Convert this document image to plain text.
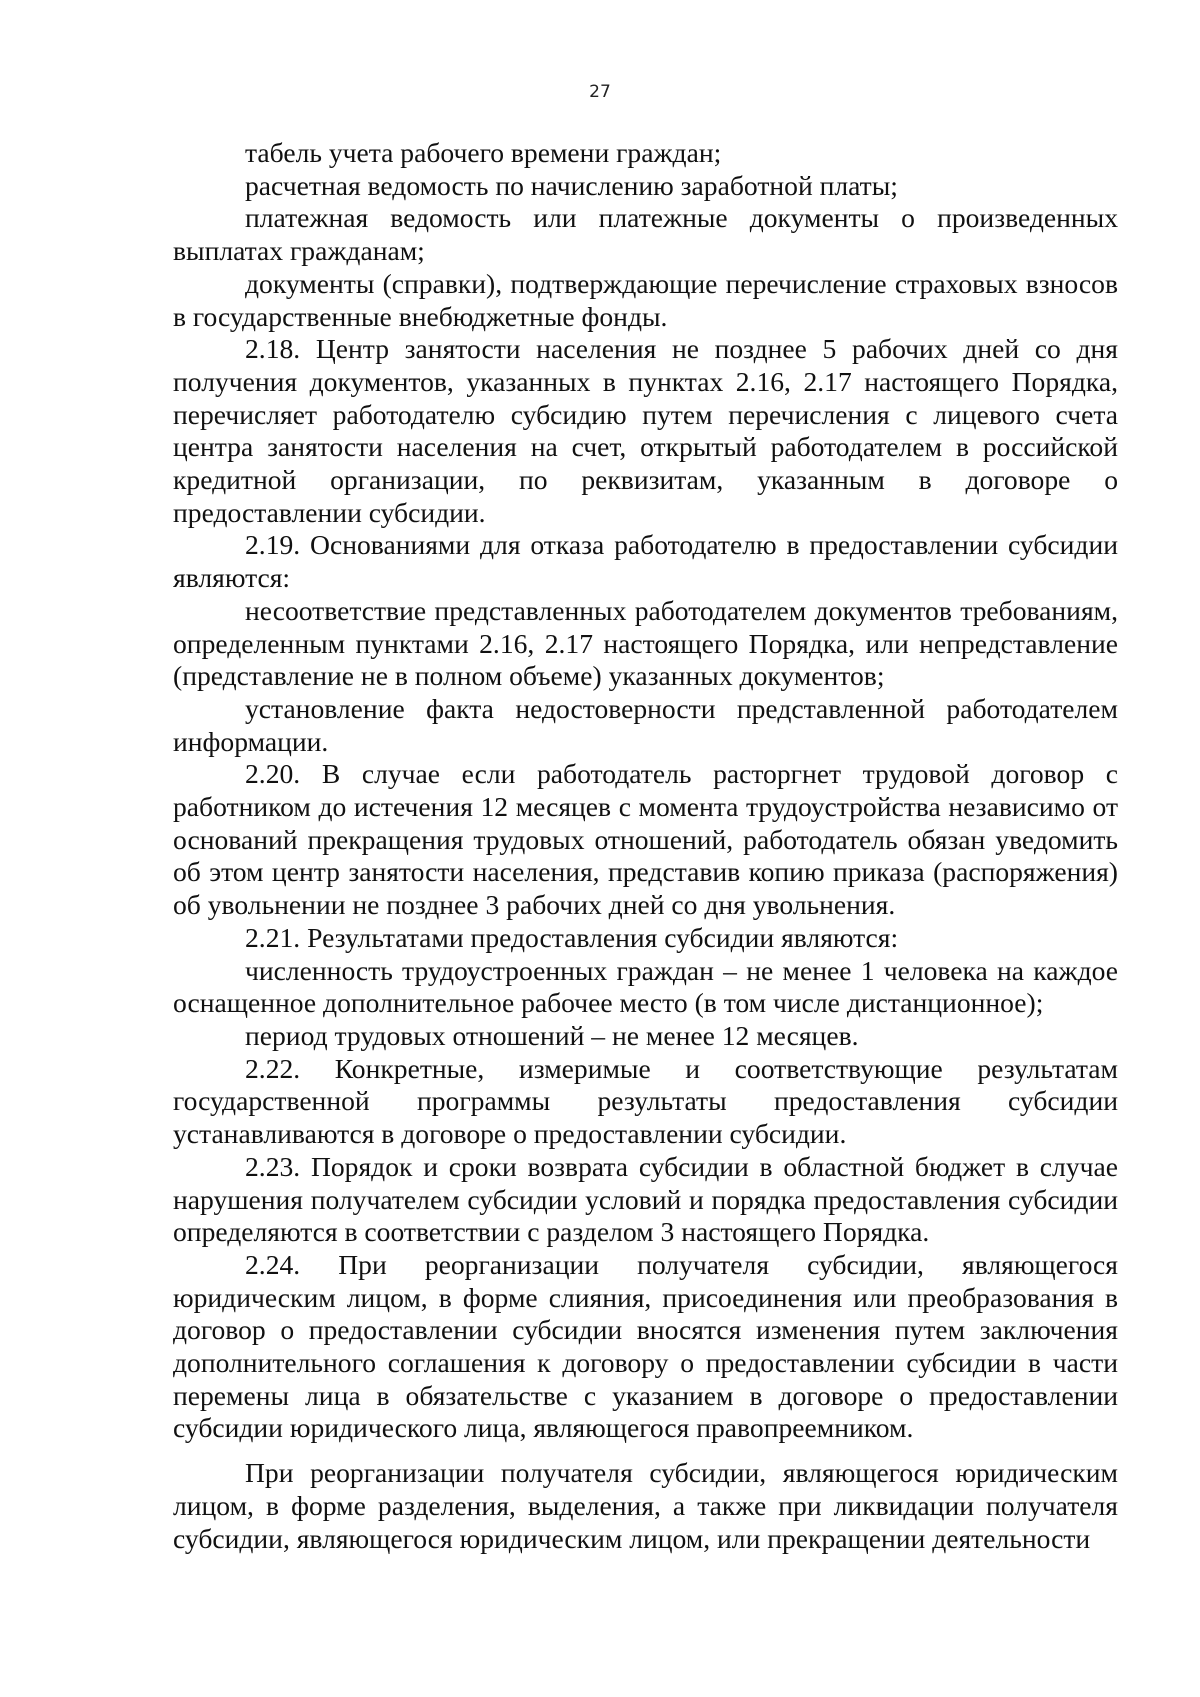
27

табель учета рабочего времени граждан;

расчетная ведомость по начислению заработной платы;

платежная ведомость или платежные документы о произведенных выплатах гражданам;

документы (справки), подтверждающие перечисление страховых взносов в государственные внебюджетные фонды.

2.18. Центр занятости населения не позднее 5 рабочих дней со дня получения документов, указанных в пунктах 2.16, 2.17 настоящего Порядка, перечисляет работодателю субсидию путем перечисления с лицевого счета центра занятости населения на счет, открытый работодателем в российской кредитной организации, по реквизитам, указанным в договоре о предоставлении субсидии.

2.19. Основаниями для отказа работодателю в предоставлении субсидии являются:

несоответствие представленных работодателем документов требованиям, определенным пунктами 2.16, 2.17 настоящего Порядка, или непредставление (представление не в полном объеме) указанных документов;

установление факта недостоверности представленной работодателем информации.

2.20. В случае если работодатель расторгнет трудовой договор с работником до истечения 12 месяцев с момента трудоустройства независимо от оснований прекращения трудовых отношений, работодатель обязан уведомить об этом центр занятости населения, представив копию приказа (распоряжения) об увольнении не позднее 3 рабочих дней со дня увольнения.

2.21. Результатами предоставления субсидии являются:

численность трудоустроенных граждан – не менее 1 человека на каждое оснащенное дополнительное рабочее место (в том числе дистанционное);

период трудовых отношений – не менее 12 месяцев.

2.22. Конкретные, измеримые и соответствующие результатам государственной программы результаты предоставления субсидии устанавливаются в договоре о предоставлении субсидии.

2.23. Порядок и сроки возврата субсидии в областной бюджет в случае нарушения получателем субсидии условий и порядка предоставления субсидии определяются в соответствии с разделом 3 настоящего Порядка.

2.24. При реорганизации получателя субсидии, являющегося юридическим лицом, в форме слияния, присоединения или преобразования в договор о предоставлении субсидии вносятся изменения путем заключения дополнительного соглашения к договору о предоставлении субсидии в части перемены лица в обязательстве с указанием в договоре о предоставлении субсидии юридического лица, являющегося правопреемником.

При реорганизации получателя субсидии, являющегося юридическим лицом, в форме разделения, выделения, а также при ликвидации получателя субсидии, являющегося юридическим лицом, или прекращении деятельности
